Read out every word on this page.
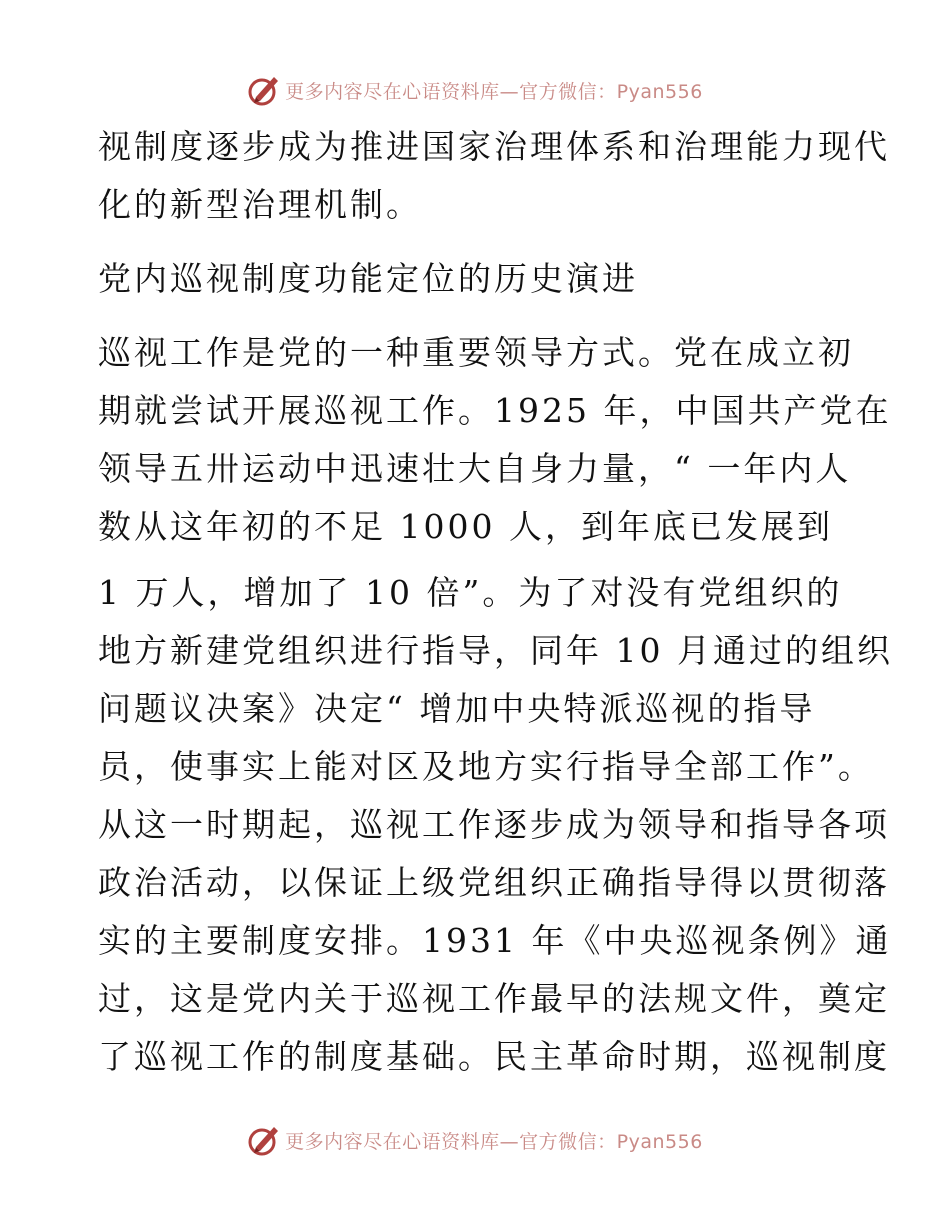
更多内容尽在心语资料库—官方微信：Pyan556
视制度逐步成为推进国家治理体系和治理能力现代
化的新型治理机制。
党内巡视制度功能定位的历史演进
巡视工作是党的一种重要领导方式。党在成立初
期就尝试开展巡视工作。1925 年，中国共产党在
领导五卅运动中迅速壮大自身力量，“ 一年内人
数从这年初的不足 1000 人，到年底已发展到
1 万人，增加了 10 倍”。为了对没有党组织的
地方新建党组织进行指导，同年 10 月通过的组织
问题议决案》决定“ 增加中央特派巡视的指导
员，使事实上能对区及地方实行指导全部工作”。
从这一时期起，巡视工作逐步成为领导和指导各项
政治活动，以保证上级党组织正确指导得以贯彻落
实的主要制度安排。1931 年《中央巡视条例》通
过，这是党内关于巡视工作最早的法规文件，奠定
了巡视工作的制度基础。民主革命时期，巡视制度
更多内容尽在心语资料库—官方微信：Pyan556
